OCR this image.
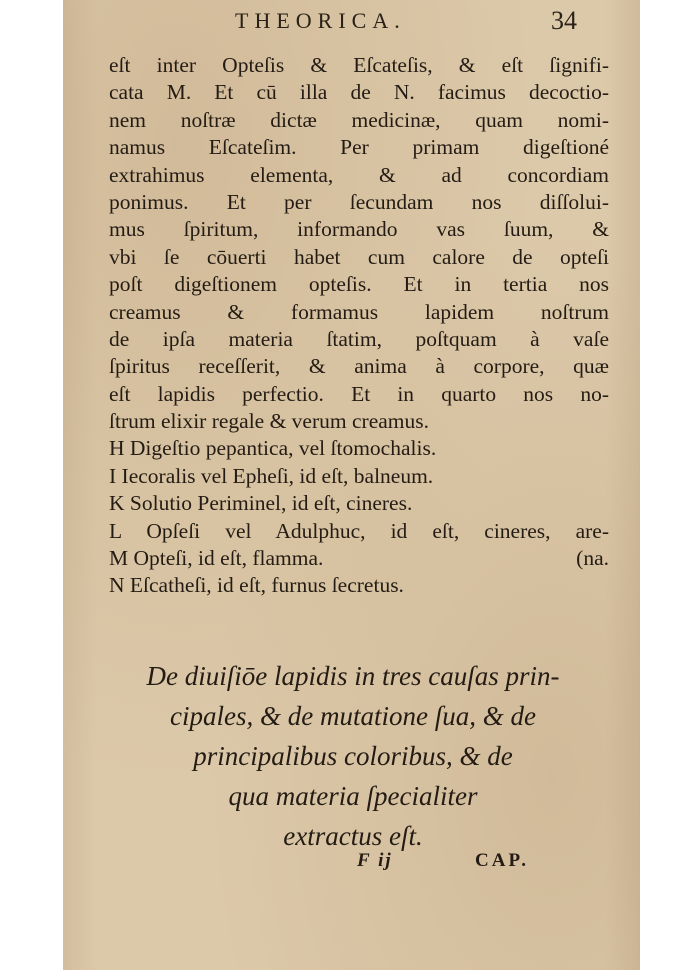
THEORICA.	34
eſt inter Opteſis & Eſcateſis, & eſt ſignifi-
cata M. Et cū illa de N. facimus decoctio-
nem noſtræ dictæ medicinæ, quam nomi-
namus Eſcateſim. Per primam digeſtioné
extrahimus elementa, & ad concordiam
ponimus. Et per ſecundam nos diſſolui-
mus ſpiritum, informando vas ſuum, &
vbi ſe cōuerti habet cum calore de opteſi
poſt digeſtionem opteſis. Et in tertia nos
creamus & formamus lapidem noſtrum
de ipſa materia ſtatim, poſtquam à vaſe
ſpiritus receſſerit, & anima à corpore, quæ
eſt lapidis perfectio. Et in quarto nos no-
ſtrum elixir regale & verum creamus.
H Digeſtio pepantica, vel ſtomochalis.
I Iecoralis vel Epheſi, id eſt, balneum.
K Solutio Periminel, id eſt, cineres.
L Opſeſi vel Adulphuc, id eſt, cineres, are-
M Opteſi, id eſt, flamma.	(na.
N Eſcatheſi, id eſt, furnus ſecretus.
De diuiſiōe lapidis in tres cauſas prin-
cipales, & de mutatione ſua, & de
principalibus coloribus, & de
qua materia ſpecialiter
extractus eſt.
F ij	CAP.
